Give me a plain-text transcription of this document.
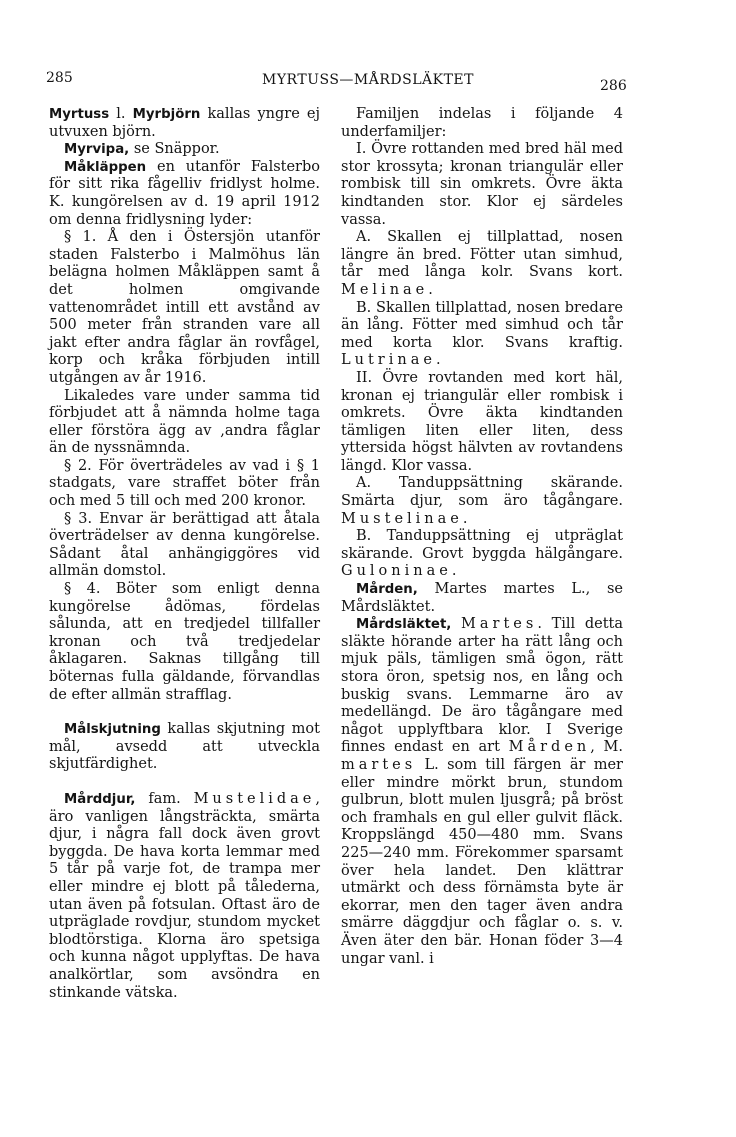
285	MYRTUSS—MÅRDSLÄKTET	286

Myrtuss l. Myrbjörn kallas yngre ej utvuxen björn.

Myrvipa, se Snäppor.

Måkläppen en utanför Falsterbo för sitt rika fågelliv fridlyst holme. K. kungörelsen av d. 19 april 1912 om denna fridlysning lyder:

§ 1. Å den i Östersjön utanför staden Falsterbo i Malmöhus län belägna holmen Måkläppen samt å det holmen omgivande vattenområdet intill ett avstånd av 500 meter från stranden vare all jakt efter andra fåglar än rovfågel, korp och kråka förbjuden intill utgången av år 1916.

Likaledes vare under samma tid förbjudet att å nämnda holme taga eller förstöra ägg av ,andra fåglar än de nyssnämnda.

§ 2. För överträdeles av vad i § 1 stadgats, vare straffet böter från och med 5 till och med 200 kronor.

§ 3. Envar är berättigad att åtala överträdelser av denna kungörelse. Sådant åtal anhängiggöres vid allmän domstol.

§ 4. Böter som enligt denna kungörelse ådömas, fördelas sålunda, att en tredjedel tillfaller kronan och två tredjedelar åklagaren. Saknas tillgång till böternas fulla gäldande, förvandlas de efter allmän strafflag.

Målskjutning kallas skjutning mot mål, avsedd att utveckla skjutfärdighet.

Mårddjur, fam. Mustelidae, äro vanligen långsträckta, smärta djur, i några fall dock även grovt byggda. De hava korta lemmar med 5 tår på varje fot, de trampa mer eller mindre ej blott på tålederna, utan även på fotsulan. Oftast äro de utpräglade rovdjur, stundom mycket blodtörstiga. Klorna äro spetsiga och kunna något upplyftas. De hava analkörtlar, som avsöndra en stinkande vätska.

Familjen indelas i följande 4 underfamiljer:

I. Övre rottanden med bred häl med stor krossyta; kronan triangulär eller rombisk till sin omkrets. Övre äkta kindtanden stor. Klor ej särdeles vassa.

A. Skallen ej tillplattad, nosen längre än bred. Fötter utan simhud, tår med långa kolr. Svans kort. Melinae.

B. Skallen tillplattad, nosen bredare än lång. Fötter med simhud och tår med korta klor. Svans kraftig. Lutrinae.

II. Övre rovtanden med kort häl, kronan ej triangulär eller rombisk i omkrets. Övre äkta kindtanden tämligen liten eller liten, dess yttersida högst hälvten av rovtandens längd. Klor vassa.

A. Tanduppsättning skärande. Smärta djur, som äro tågångare. Mustelinae.

B. Tanduppsättning ej utpräglat skärande. Grovt byggda hälgångare. Guloninae.

Mården, Martes martes L., se Mårdsläktet.

Mårdsläktet, Martes. Till detta släkte hörande arter ha rätt lång och mjuk päls, tämligen små ögon, rätt stora öron, spetsig nos, en lång och buskig svans. Lemmarne äro av medellängd. De äro tågångare med något upplyftbara klor. I Sverige finnes endast en art Mården, M. martes L. som till färgen är mer eller mindre mörkt brun, stundom gulbrun, blott mulen ljusgrå; på bröst och framhals en gul eller gulvit fläck. Kroppslängd 450—480 mm. Svans 225—240 mm. Förekommer sparsamt över hela landet. Den klättrar utmärkt och dess förnämsta byte är ekorrar, men den tager även andra smärre däggdjur och fåglar o. s. v. Även äter den bär. Honan föder 3—4 ungar vanl. i
